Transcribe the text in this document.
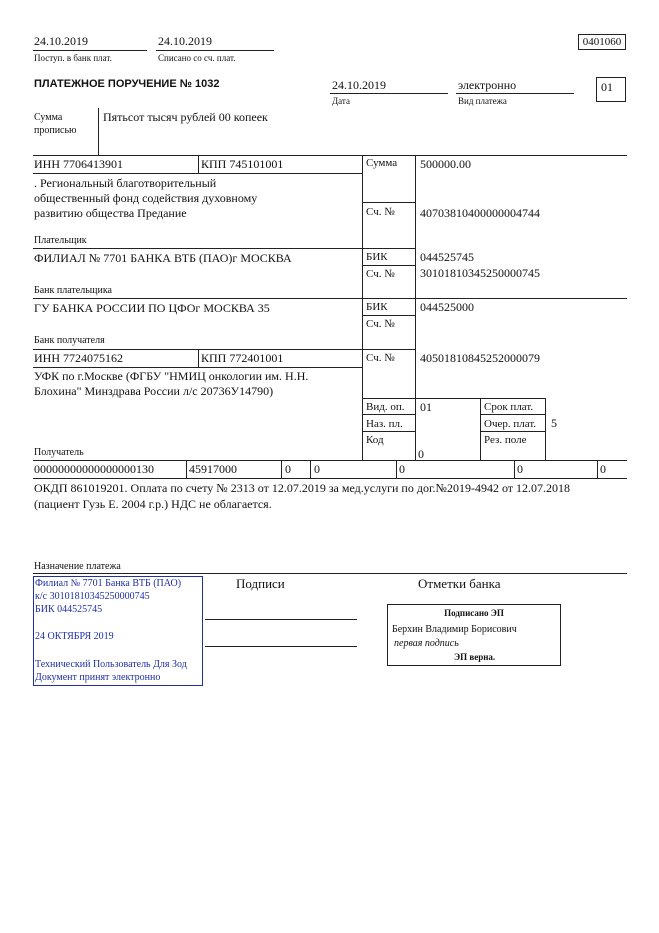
24.10.2019
Поступ. в банк плат.
24.10.2019
Списано со сч. плат.
0401060
ПЛАТЕЖНОЕ ПОРУЧЕНИЕ № 1032	24.10.2019
Дата
электронно
Вид платежа
01
Сумма
прописью
Пятьсот тысяч рублей 00 копеек
ИНН 7706413901	КПП 745101001	Сумма 500000.00
. Региональный благотворительный
общественный фонд содействия духовному
развитию общества Предание	Сч. № 40703810400000004744
Плательщик
ФИЛИАЛ № 7701 БАНКА ВТБ (ПАО)г МОСКВА	БИК	044525745
Сч. № 30101810345250000745
Банк плательщика
ГУ БАНКА РОССИИ ПО ЦФОг МОСКВА 35	БИК	044525000
Сч. №
Банк получателя
ИНН 7724075162	КПП 772401001	Сч. № 40501810845252000079
УФК по г.Москве (ФГБУ "НМИЦ онкологии им. Н.Н.
Блохина" Минздрава России л/с 20736У14790)
Получатель
Вид. оп. 01	Срок плат.
Наз. пл.	Очер. плат. 5
Код	Рез. поле
0
00000000000000000130	45917000	0 0	0	0	0
ОКДП 861019201. Оплата по счету № 2313 от 12.07.2019 за мед.услуги по дог.№2019-4942 от 12.07.2018
(пациент Гузь Е. 2004 г.р.) НДС не облагается.
Назначение платежа
Филиал № 7701 Банка ВТБ (ПАО)
к/с 30101810345250000745
БИК 044525745
24 ОКТЯБРЯ 2019
Технический Пользователь Для Зод
Документ принят электронно
Подписи	Отметки банка
Подписано ЭП
Берхин Владимир Борисович
первая подпись
ЭП верна.
